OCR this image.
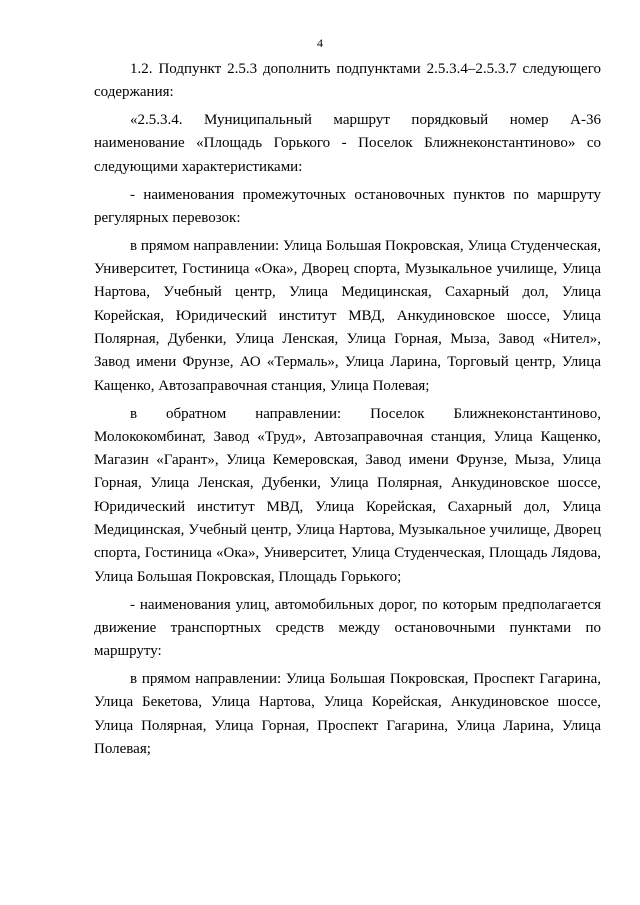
4

1.2. Подпункт 2.5.3 дополнить подпунктами 2.5.3.4–2.5.3.7 следующего содержания:

«2.5.3.4. Муниципальный маршрут порядковый номер А-36 наименование «Площадь Горького - Поселок Ближнеконстантиново» со следующими характеристиками:

- наименования промежуточных остановочных пунктов по маршруту регулярных перевозок:

в прямом направлении: Улица Большая Покровская, Улица Студенческая, Университет, Гостиница «Ока», Дворец спорта, Музыкальное училище, Улица Нартова, Учебный центр, Улица Медицинская, Сахарный дол, Улица Корейская, Юридический институт МВД, Анкудиновское шоссе, Улица Полярная, Дубенки, Улица Ленская, Улица Горная, Мыза, Завод «Нител», Завод имени Фрунзе, АО «Термаль», Улица Ларина, Торговый центр, Улица Кащенко, Автозаправочная станция, Улица Полевая;

в обратном направлении: Поселок Ближнеконстантиново, Молококомбинат, Завод «Труд», Автозаправочная станция, Улица Кащенко, Магазин «Гарант», Улица Кемеровская, Завод имени Фрунзе, Мыза, Улица Горная, Улица Ленская, Дубенки, Улица Полярная, Анкудиновское шоссе, Юридический институт МВД, Улица Корейская, Сахарный дол, Улица Медицинская, Учебный центр, Улица Нартова, Музыкальное училище, Дворец спорта, Гостиница «Ока», Университет, Улица Студенческая, Площадь Лядова, Улица Большая Покровская, Площадь Горького;

- наименования улиц, автомобильных дорог, по которым предполагается движение транспортных средств между остановочными пунктами по маршруту:

в прямом направлении: Улица Большая Покровская, Проспект Гагарина, Улица Бекетова, Улица Нартова, Улица Корейская, Анкудиновское шоссе, Улица Полярная, Улица Горная, Проспект Гагарина, Улица Ларина, Улица Полевая;
